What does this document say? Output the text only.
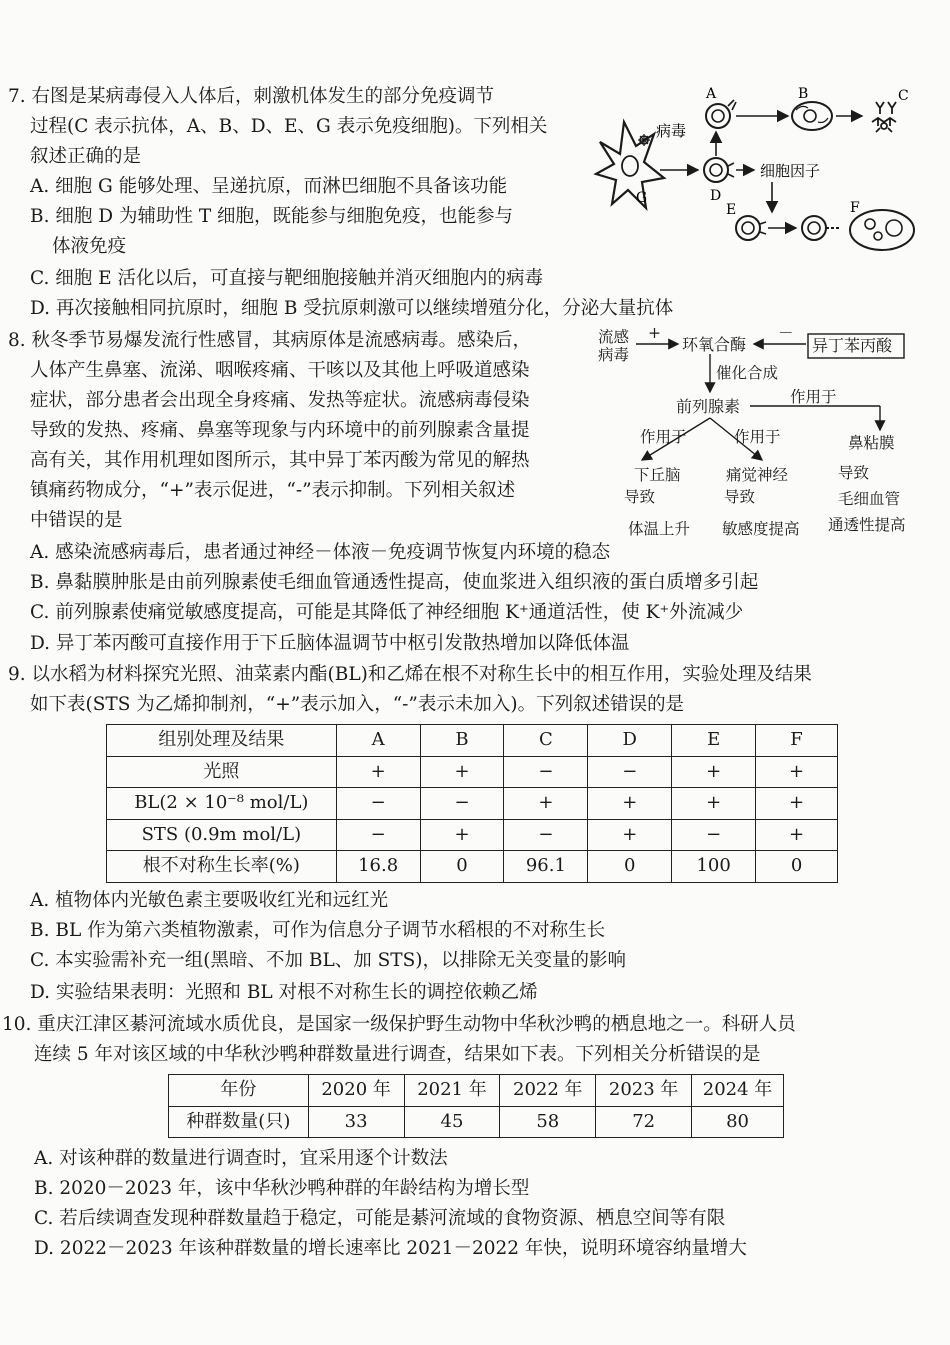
7. 右图是某病毒侵入人体后，刺激机体发生的部分免疫调节
过程(C 表示抗体，A、B、D、E、G 表示免疫细胞)。下列相关
叙述正确的是
A. 细胞 G 能够处理、呈递抗原，而淋巴细胞不具备该功能
B. 细胞 D 为辅助性 T 细胞，既能参与细胞免疫，也能参与
体液免疫
C. 细胞 E 活化以后，可直接与靶细胞接触并消灭细胞内的病毒
D. 再次接触相同抗原时，细胞 B 受抗原刺激可以继续增殖分化，分泌大量抗体
G
病毒
D
细胞因子
A	B	C
E	F
8. 秋冬季节易爆发流行性感冒，其病原体是流感病毒。感染后，
人体产生鼻塞、流涕、咽喉疼痛、干咳以及其他上呼吸道感染
症状，部分患者会出现全身疼痛、发热等症状。流感病毒侵染
导致的发热、疼痛、鼻塞等现象与内环境中的前列腺素含量提
高有关，其作用机理如图所示，其中异丁苯丙酸为常见的解热
镇痛药物成分，“+”表示促进，“-”表示抑制。下列相关叙述
中错误的是
流感
病毒
+
环氧合酶
－
异丁苯丙酸
催化合成
前列腺素	作用于
作用于	作用于	鼻粘膜
下丘脑	痛觉神经
导致	导致
导致
毛细血管
体温上升 敏感度提高 通透性提高
A. 感染流感病毒后，患者通过神经－体液－免疫调节恢复内环境的稳态
B. 鼻黏膜肿胀是由前列腺素使毛细血管通透性提高，使血浆进入组织液的蛋白质增多引起
C. 前列腺素使痛觉敏感度提高，可能是其降低了神经细胞 K⁺通道活性，使 K⁺外流减少
D. 异丁苯丙酸可直接作用于下丘脑体温调节中枢引发散热增加以降低体温
9. 以水稻为材料探究光照、油菜素内酯(BL)和乙烯在根不对称生长中的相互作用，实验处理及结果
如下表(STS 为乙烯抑制剂，“+”表示加入，“-”表示未加入)。下列叙述错误的是
组别处理及结果	A	B	C	D	E	F
光照	+	+	−	−	+	+
BL(2 × 10⁻⁸ mol/L)	−	−	+	+	+	+
STS (0.9m mol/L)	−	+	−	+	−	+
根不对称生长率(%)	16.8	0	96.1	0	100	0
A. 植物体内光敏色素主要吸收红光和远红光
B. BL 作为第六类植物激素，可作为信息分子调节水稻根的不对称生长
C. 本实验需补充一组(黑暗、不加 BL、加 STS)，以排除无关变量的影响
D. 实验结果表明：光照和 BL 对根不对称生长的调控依赖乙烯
10. 重庆江津区綦河流域水质优良，是国家一级保护野生动物中华秋沙鸭的栖息地之一。科研人员
连续 5 年对该区域的中华秋沙鸭种群数量进行调查，结果如下表。下列相关分析错误的是
年份	2020 年	2021 年	2022 年	2023 年	2024 年
种群数量(只)	33	45	58	72	80
A. 对该种群的数量进行调查时，宜采用逐个计数法
B. 2020－2023 年，该中华秋沙鸭种群的年龄结构为增长型
C. 若后续调查发现种群数量趋于稳定，可能是綦河流域的食物资源、栖息空间等有限
D. 2022－2023 年该种群数量的增长速率比 2021－2022 年快，说明环境容纳量增大
